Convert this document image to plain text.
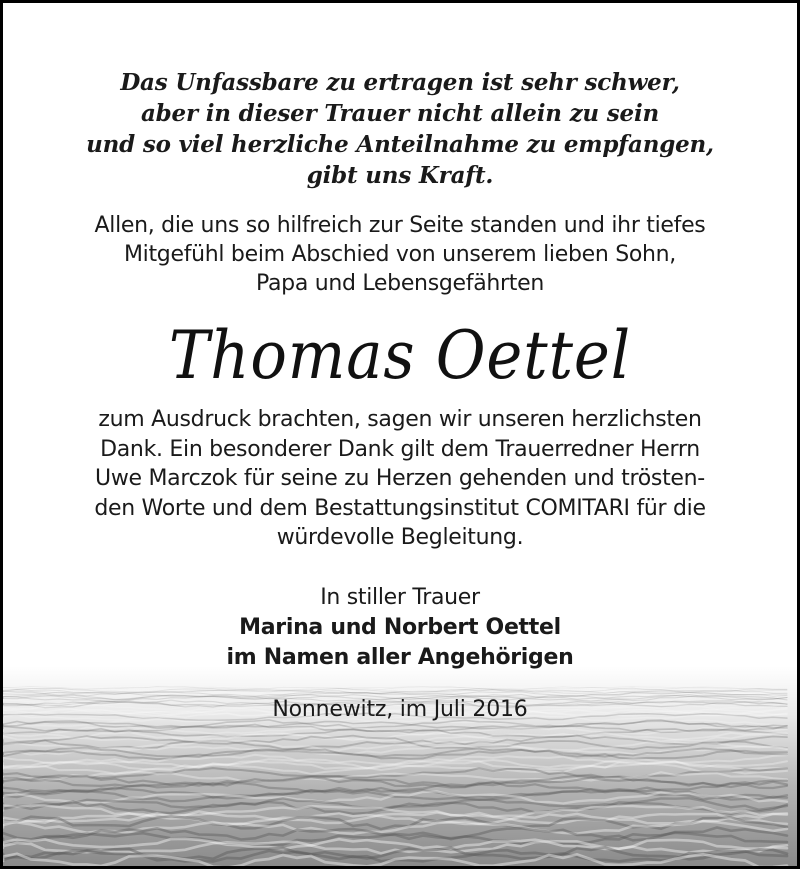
Das Unfassbare zu ertragen ist sehr schwer,
aber in dieser Trauer nicht allein zu sein
und so viel herzliche Anteilnahme zu empfangen,
gibt uns Kraft.
Allen, die uns so hilfreich zur Seite standen und ihr tiefes
Mitgefühl beim Abschied von unserem lieben Sohn,
Papa und Lebensgefährten
Thomas Oettel
zum Ausdruck brachten, sagen wir unseren herzlichsten
Dank. Ein besonderer Dank gilt dem Trauerredner Herrn
Uwe Marczok für seine zu Herzen gehenden und trösten-
den Worte und dem Bestattungsinstitut COMITARI für die
würdevolle Begleitung.
In stiller Trauer
Marina und Norbert Oettel
im Namen aller Angehörigen
Nonnewitz, im Juli 2016
